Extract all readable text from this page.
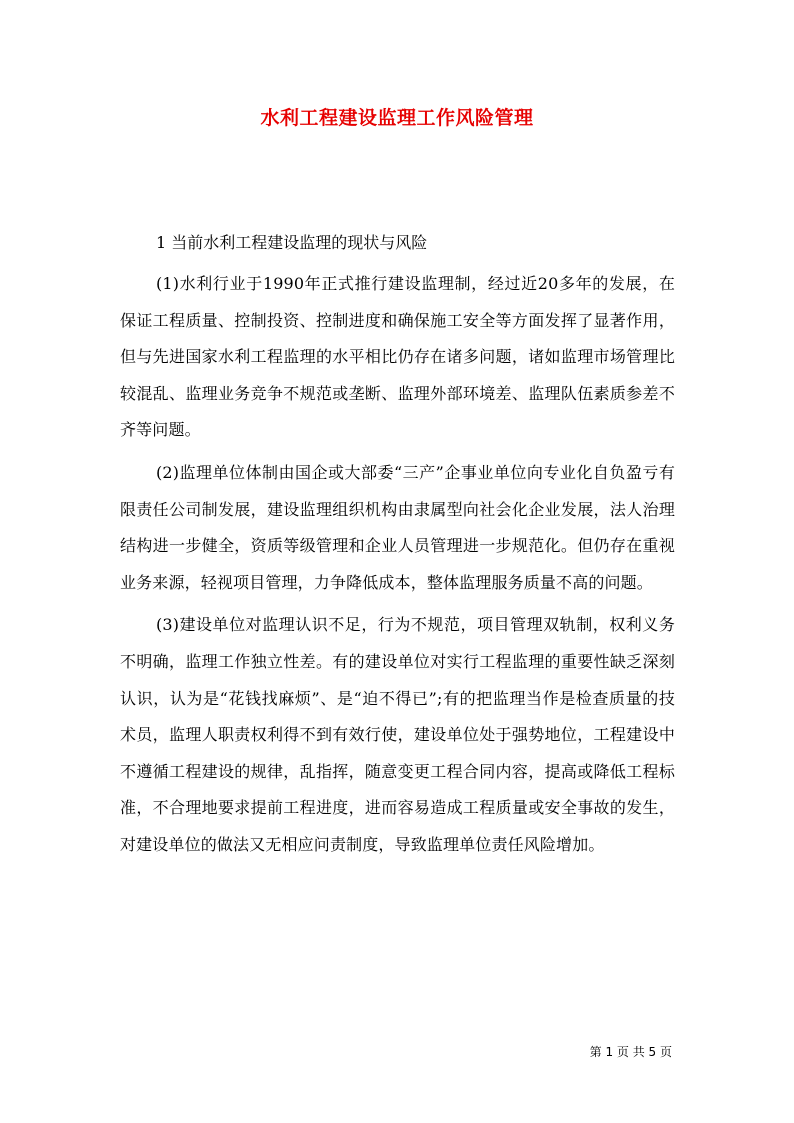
水利工程建设监理工作风险管理

1 当前水利工程建设监理的现状与风险

(1)水利行业于1990年正式推行建设监理制，经过近20多年的发展，在保证工程质量、控制投资、控制进度和确保施工安全等方面发挥了显著作用，但与先进国家水利工程监理的水平相比仍存在诸多问题，诸如监理市场管理比较混乱、监理业务竞争不规范或垄断、监理外部环境差、监理队伍素质参差不齐等问题。

(2)监理单位体制由国企或大部委“三产”企事业单位向专业化自负盈亏有限责任公司制发展，建设监理组织机构由隶属型向社会化企业发展，法人治理结构进一步健全，资质等级管理和企业人员管理进一步规范化。但仍存在重视业务来源，轻视项目管理，力争降低成本，整体监理服务质量不高的问题。

(3)建设单位对监理认识不足，行为不规范，项目管理双轨制，权利义务不明确，监理工作独立性差。有的建设单位对实行工程监理的重要性缺乏深刻认识，认为是“花钱找麻烦”、是“迫不得已”;有的把监理当作是检查质量的技术员，监理人职责权利得不到有效行使，建设单位处于强势地位，工程建设中不遵循工程建设的规律，乱指挥，随意变更工程合同内容，提高或降低工程标准，不合理地要求提前工程进度，进而容易造成工程质量或安全事故的发生，对建设单位的做法又无相应问责制度，导致监理单位责任风险增加。

第 1 页 共 5 页
